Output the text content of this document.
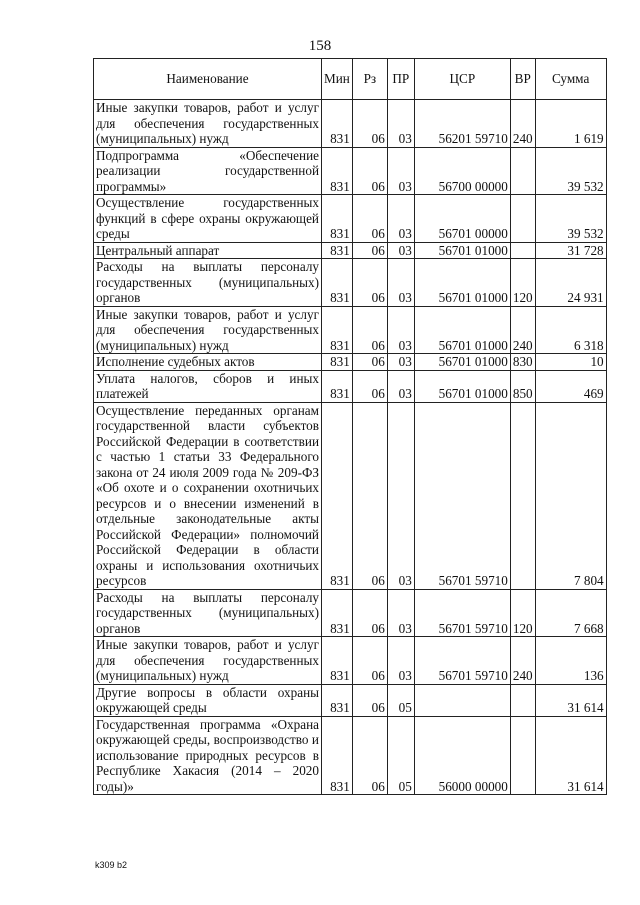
158
Наименование	Мин	Рз	ПР	ЦСР	ВР	Сумма
Иные закупки товаров, работ и услуг для обеспечения государственных (муниципальных) нужд	831	06	03	56201 59710	240	1 619
Подпрограмма «Обеспечение реализации государственной программы»	831	06	03	56700 00000		39 532
Осуществление государственных функций в сфере охраны окружающей среды	831	06	03	56701 00000		39 532
Центральный аппарат	831	06	03	56701 01000		31 728
Расходы на выплаты персоналу государственных (муниципальных) органов	831	06	03	56701 01000	120	24 931
Иные закупки товаров, работ и услуг для обеспечения государственных (муниципальных) нужд	831	06	03	56701 01000	240	6 318
Исполнение судебных актов	831	06	03	56701 01000	830	10
Уплата налогов, сборов и иных платежей	831	06	03	56701 01000	850	469
Осуществление переданных органам государственной власти субъектов Российской Федерации в соответствии с частью 1 статьи 33 Федерального закона от 24 июля 2009 года № 209-ФЗ «Об охоте и о сохранении охотничьих ресурсов и о внесении изменений в отдельные законодательные акты Российской Федерации» полномочий Российской Федерации в области охраны и использования охотничьих ресурсов	831	06	03	56701 59710		7 804
Расходы на выплаты персоналу государственных (муниципальных) органов	831	06	03	56701 59710	120	7 668
Иные закупки товаров, работ и услуг для обеспечения государственных (муниципальных) нужд	831	06	03	56701 59710	240	136
Другие вопросы в области охраны окружающей среды	831	06	05			31 614
Государственная программа «Охрана окружающей среды, воспроизводство и использование природных ресурсов в Республике Хакасия (2014 – 2020 годы)»	831	06	05	56000 00000		31 614
k309 b2
